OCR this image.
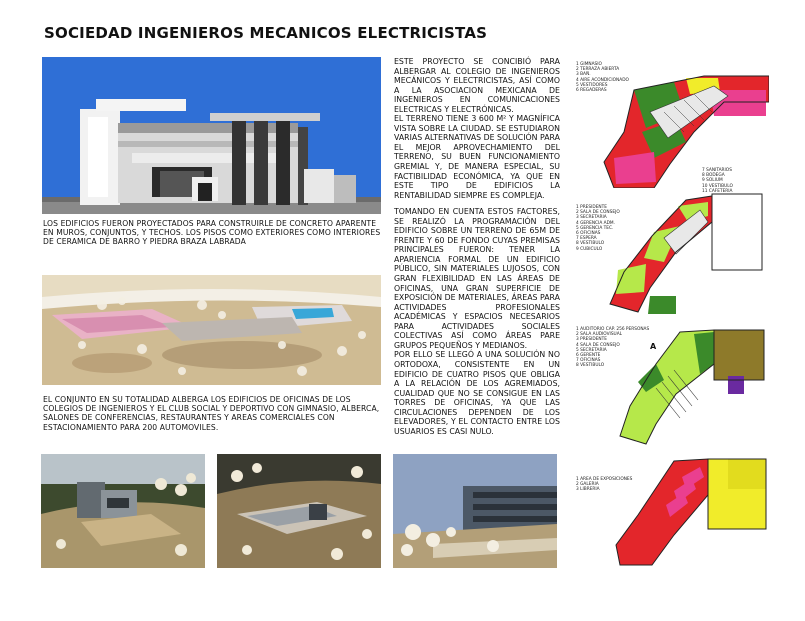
SOCIEDAD INGENIEROS MECANICOS ELECTRICISTAS

LOS EDIFICIOS FUERON PROYECTADOS PARA CONSTRUIRLE DE CONCRETO APARENTE EN MUROS, CONJUNTOS, Y TECHOS. LOS PISOS COMO EXTERIORES COMO INTERIORES DE CERAMICA DE BARRO Y PIEDRA BRAZA LABRADA

EL CONJUNTO EN SU TOTALIDAD ALBERGA LOS EDIFICIOS DE OFICINAS DE LOS COLEGIOS DE INGENIEROS Y EL CLUB SOCIAL Y DEPORTIVO CON GIMNASIO, ALBERCA, SALONES DE CONFERENCIAS, RESTAURANTES Y AREAS COMERCIALES CON ESTACIONAMIENTO PARA 200 AUTOMOVILES.

ESTE PROYECTO SE CONCIBIÓ PARA ALBERGAR AL COLEGIO DE INGENIEROS MECÁNICOS Y ELECTRICISTAS, ASÍ COMO A LA ASOCIACION MEXICANA DE INGENIEROS EN COMUNICACIONES ELECTRICAS Y ELECTRÓNICAS.

EL TERRENO TIENE 3 600 M² Y MAGNÍFICA VISTA SOBRE LA CIUDAD. SE ESTUDIARON VARIAS ALTERNATIVAS DE SOLUCIÓN PARA EL MEJOR APROVECHAMIENTO DEL TERRENO, SU BUEN FUNCIONAMIENTO GREMIAL Y, DE MANERA ESPECIAL, SU FACTIBILIDAD ECONÓMICA, YA QUE EN ESTE TIPO DE EDIFICIOS LA RENTABILIDAD SIEMPRE ES COMPLEJA.

TOMANDO EN CUENTA ESTOS FACTORES, SE REALIZÓ LA PROGRAMACIÓN DEL EDIFICIO SOBRE UN TERRENO DE 65M DE FRENTE Y 60 DE FONDO CUYAS PREMISAS PRINCIPALES FUERON: TENER LA APARIENCIA FORMAL DE UN EDIFICIO PÚBLICO, SIN MATERIALES LUJOSOS, CON GRAN FLEXIBILIDAD EN LAS ÁREAS DE OFICINAS, UNA GRAN SUPERFICIE DE EXPOSICIÓN DE MATERIALES, ÁREAS PARA ACTIVIDADES PROFESIONALES ACADÉMICAS Y ESPACIOS NECESARIOS PARA ACTIVIDADES SOCIALES COLECTIVAS ASÍ COMO ÁREAS PARE GRUPOS PEQUEÑOS Y MEDIANOS.

POR ELLO SE LLEGÓ A UNA SOLUCIÓN NO ORTODOXA, CONSISTENTE EN UN EDIFICIO DE CUATRO PISOS QUE OBLIGA A LA RELACIÓN DE LOS AGREMIADOS, CUALIDAD QUE NO SE CONSIGUE EN LAS TORRES DE OFICINAS, YA QUE LAS CIRCULACIONES DEPENDEN DE LOS ELEVADORES, Y EL CONTACTO ENTRE LOS USUARIOS ES CASI NULO.

1 GIMNASIO
2 TERRAZA ABIERTA
3 BAÑ.
4 AIRE ACONDICIONADO
5 VESTIDORES
6 REGADERAS
7 SANITARIOS
8 BODEGA
9 SOLIUM
10 VESTIBULO
11 CAFETERIA
1 PRESIDENTE
2 SALA DE CONSEJO
3 SECRETARIA
4 GERENCIA ADM.
5 GERENCIA TEC.
6 OFICINAS
7 ESPERA
8 VESTIBULO
9 CUBICULO
1 AUDITORIO CAP. 256 PERSONAS
2 SALA AUDIOVISUAL
3 PRESIDENTE
4 SALA DE CONSEJO
5 SECRETARIA
6 GERENTE
7 OFICINAS
8 VESTIBULO
A
1 AREA DE EXPOSICIONES
2 GALERIA
3 LIBRERIA
